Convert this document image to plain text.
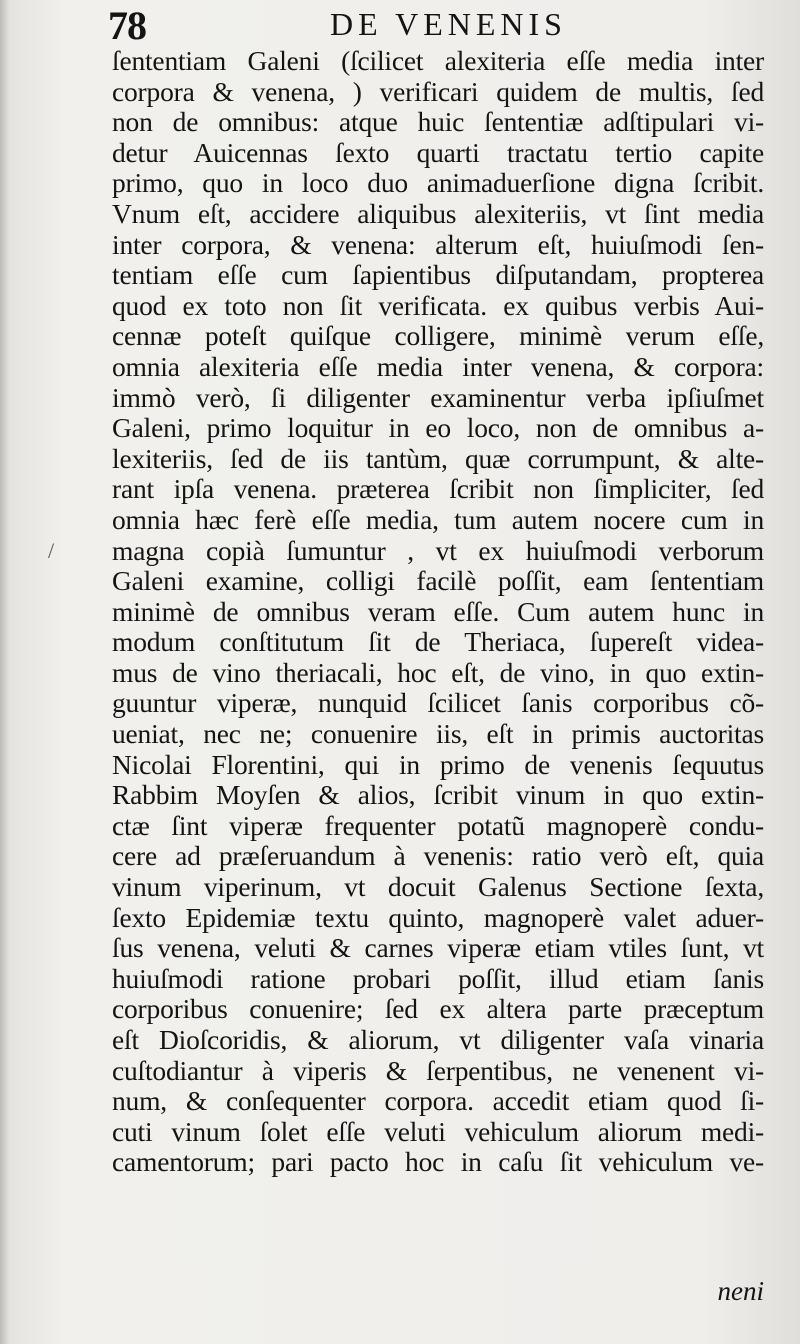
78	DE VENENIS
/
ſententiam Galeni (ſcilicet alexiteria eſſe media inter
corpora & venena, ) verificari quidem de multis, ſed
non de omnibus: atque huic ſententiæ adſtipulari vi-
detur Auicennas ſexto quarti tractatu tertio capite
primo, quo in loco duo animaduerſione digna ſcribit.
Vnum eſt, accidere aliquibus alexiteriis, vt ſint media
inter corpora, & venena: alterum eſt, huiuſmodi ſen-
tentiam eſſe cum ſapientibus diſputandam, propterea
quod ex toto non ſit verificata. ex quibus verbis Aui-
cennæ poteſt quiſque colligere, minimè verum eſſe,
omnia alexiteria eſſe media inter venena, & corpora:
immò verò, ſi diligenter examinentur verba ipſiuſmet
Galeni, primo loquitur in eo loco, non de omnibus a-
lexiteriis, ſed de iis tantùm, quæ corrumpunt, & alte-
rant ipſa venena. præterea ſcribit non ſimpliciter, ſed
omnia hæc ferè eſſe media, tum autem nocere cum in
magna copià ſumuntur , vt ex huiuſmodi verborum
Galeni examine, colligi facilè poſſit, eam ſententiam
minimè de omnibus veram eſſe. Cum autem hunc in
modum conſtitutum ſit de Theriaca, ſupereſt videa-
mus de vino theriacali, hoc eſt, de vino, in quo extin-
guuntur viperæ, nunquid ſcilicet ſanis corporibus cõ-
ueniat, nec ne; conuenire iis, eſt in primis auctoritas
Nicolai Florentini, qui in primo de venenis ſequutus
Rabbim Moyſen & alios, ſcribit vinum in quo extin-
ctæ ſint viperæ frequenter potatũ magnoperè condu-
cere ad præſeruandum à venenis: ratio verò eſt, quia
vinum viperinum, vt docuit Galenus Sectione ſexta,
ſexto Epidemiæ textu quinto, magnoperè valet aduer-
ſus venena, veluti & carnes viperæ etiam vtiles ſunt, vt
huiuſmodi ratione probari poſſit, illud etiam ſanis
corporibus conuenire; ſed ex altera parte præceptum
eſt Dioſcoridis, & aliorum, vt diligenter vaſa vinaria
cuſtodiantur à viperis & ſerpentibus, ne venenent vi-
num, & conſequenter corpora. accedit etiam quod ſi-
cuti vinum ſolet eſſe veluti vehiculum aliorum medi-
camentorum; pari pacto hoc in caſu ſit vehiculum ve-
neni
